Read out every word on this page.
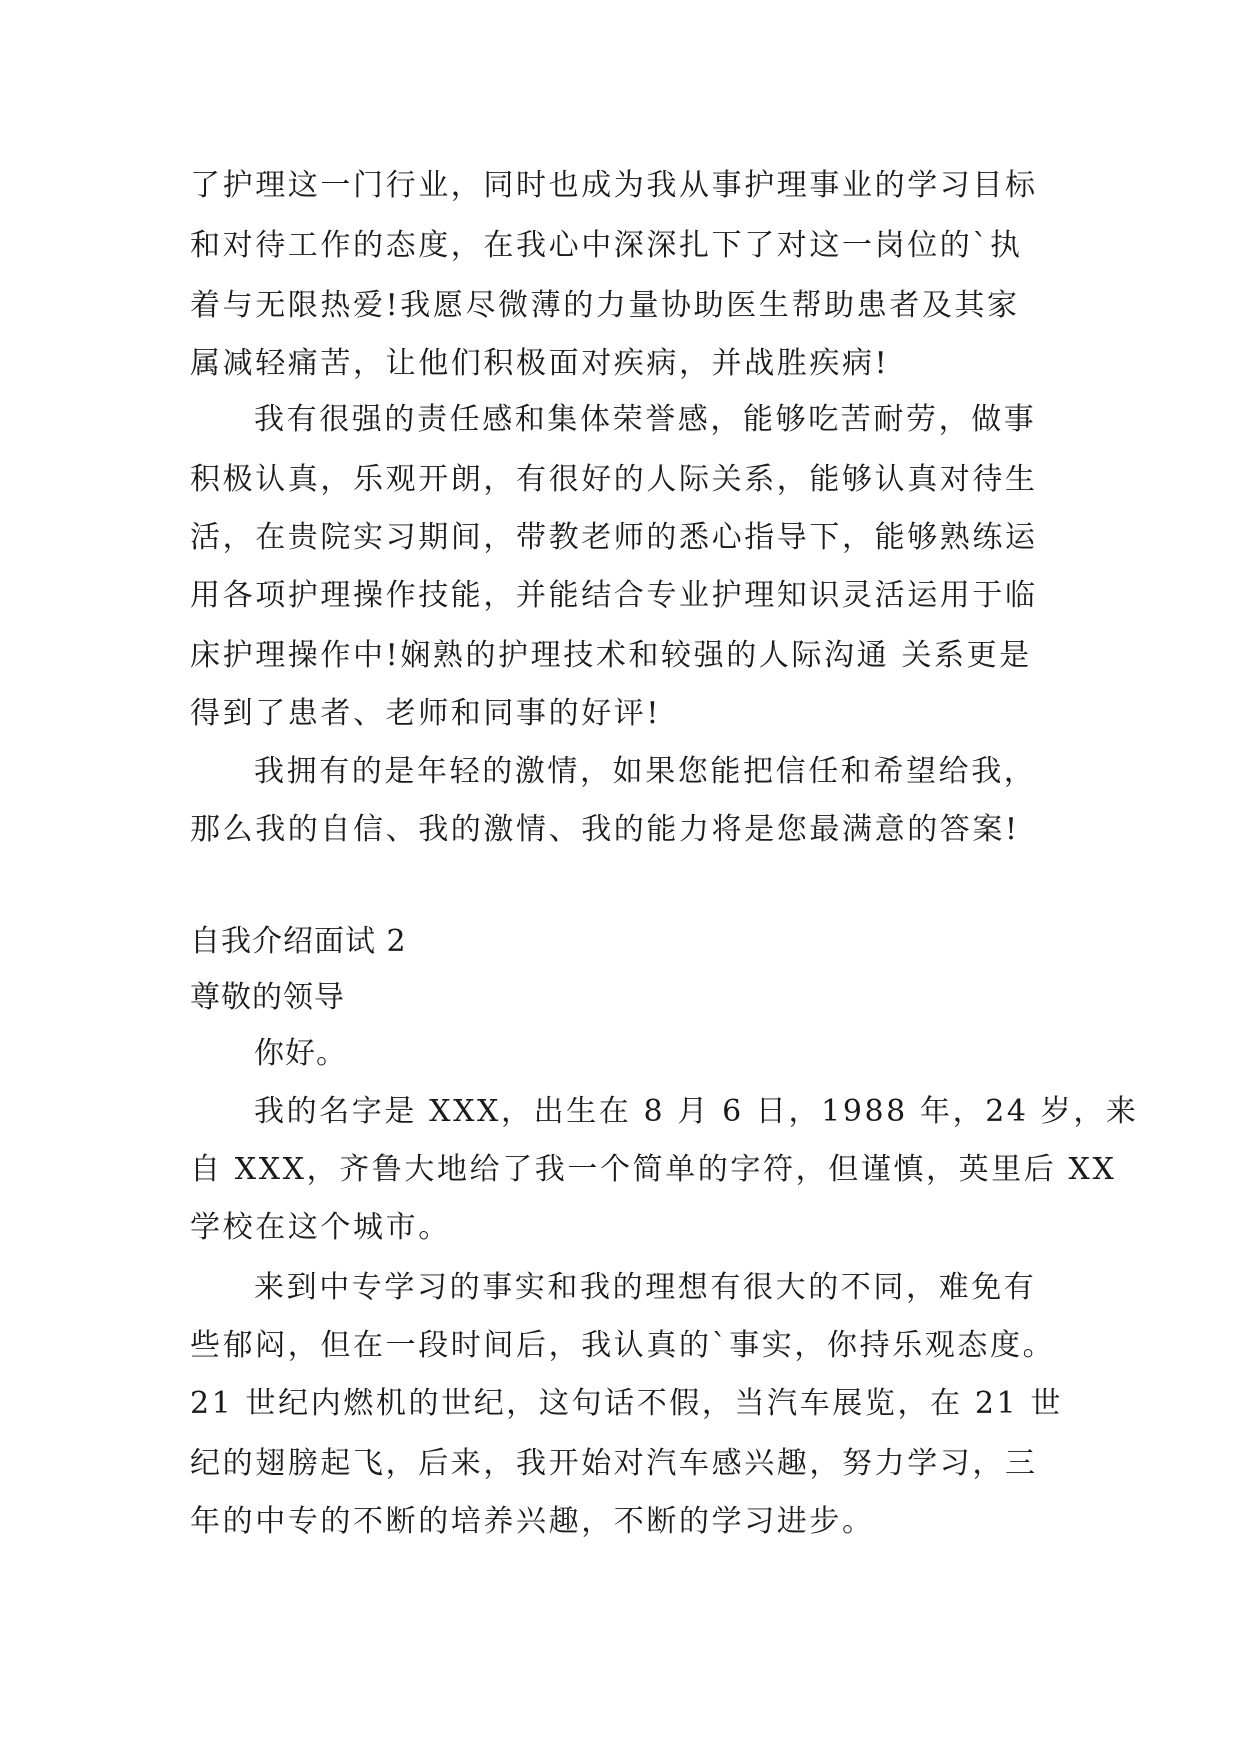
了护理这一门行业，同时也成为我从事护理事业的学习目标

和对待工作的态度，在我心中深深扎下了对这一岗位的`执

着与无限热爱!我愿尽微薄的力量协助医生帮助患者及其家

属减轻痛苦，让他们积极面对疾病，并战胜疾病!

我有很强的责任感和集体荣誉感，能够吃苦耐劳，做事

积极认真，乐观开朗，有很好的人际关系，能够认真对待生

活，在贵院实习期间，带教老师的悉心指导下，能够熟练运

用各项护理操作技能，并能结合专业护理知识灵活运用于临

床护理操作中!娴熟的护理技术和较强的人际沟通 关系更是

得到了患者、老师和同事的好评!

我拥有的是年轻的激情，如果您能把信任和希望给我，

那么我的自信、我的激情、我的能力将是您最满意的答案!

自我介绍面试 2

尊敬的领导

你好。

我的名字是 XXX，出生在 8 月 6 日，1988 年，24 岁，来

自 XXX，齐鲁大地给了我一个简单的字符，但谨慎，英里后 XX

学校在这个城市。

来到中专学习的事实和我的理想有很大的不同，难免有

些郁闷，但在一段时间后，我认真的`事实，你持乐观态度。

21 世纪内燃机的世纪，这句话不假，当汽车展览，在 21 世

纪的翅膀起飞，后来，我开始对汽车感兴趣，努力学习，三

年的中专的不断的培养兴趣，不断的学习进步。
